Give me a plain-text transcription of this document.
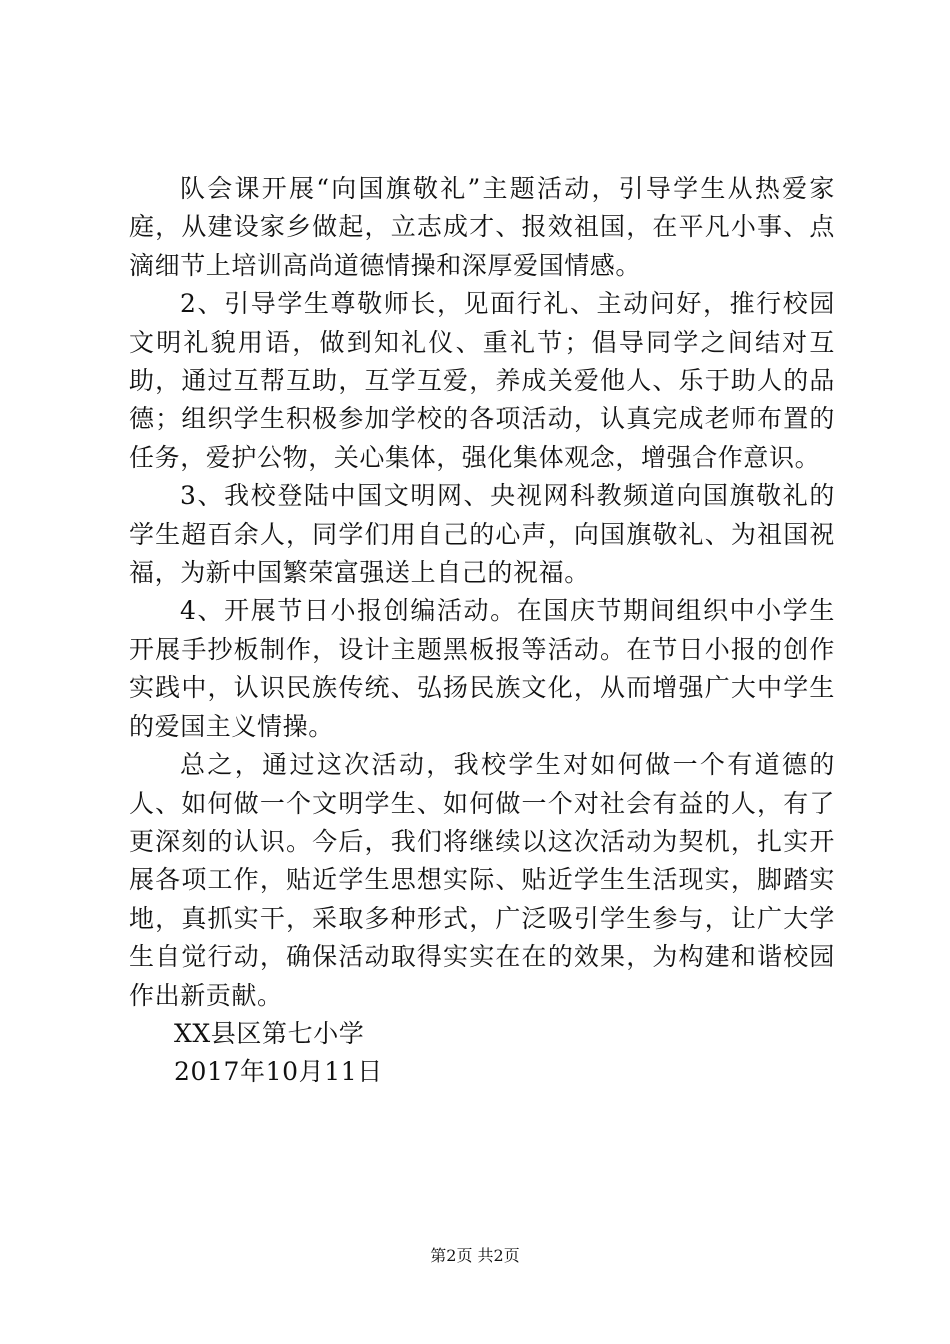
队会课开展“向国旗敬礼”主题活动，引导学生从热爱家庭，从建设家乡做起，立志成才、报效祖国，在平凡小事、点滴细节上培训高尚道德情操和深厚爱国情感。

2、引导学生尊敬师长，见面行礼、主动问好，推行校园文明礼貌用语，做到知礼仪、重礼节；倡导同学之间结对互助，通过互帮互助，互学互爱，养成关爱他人、乐于助人的品德；组织学生积极参加学校的各项活动，认真完成老师布置的任务，爱护公物，关心集体，强化集体观念，增强合作意识。

3、我校登陆中国文明网、央视网科教频道向国旗敬礼的学生超百余人，同学们用自己的心声，向国旗敬礼、为祖国祝福，为新中国繁荣富强送上自己的祝福。

4、开展节日小报创编活动。在国庆节期间组织中小学生开展手抄板制作，设计主题黑板报等活动。在节日小报的创作实践中，认识民族传统、弘扬民族文化，从而增强广大中学生的爱国主义情操。

总之，通过这次活动，我校学生对如何做一个有道德的人、如何做一个文明学生、如何做一个对社会有益的人，有了更深刻的认识。今后，我们将继续以这次活动为契机，扎实开展各项工作，贴近学生思想实际、贴近学生生活现实，脚踏实地，真抓实干，采取多种形式，广泛吸引学生参与，让广大学生自觉行动，确保活动取得实实在在的效果，为构建和谐校园作出新贡献。

XX县区第七小学

2017年10月11日

第2页 共2页
